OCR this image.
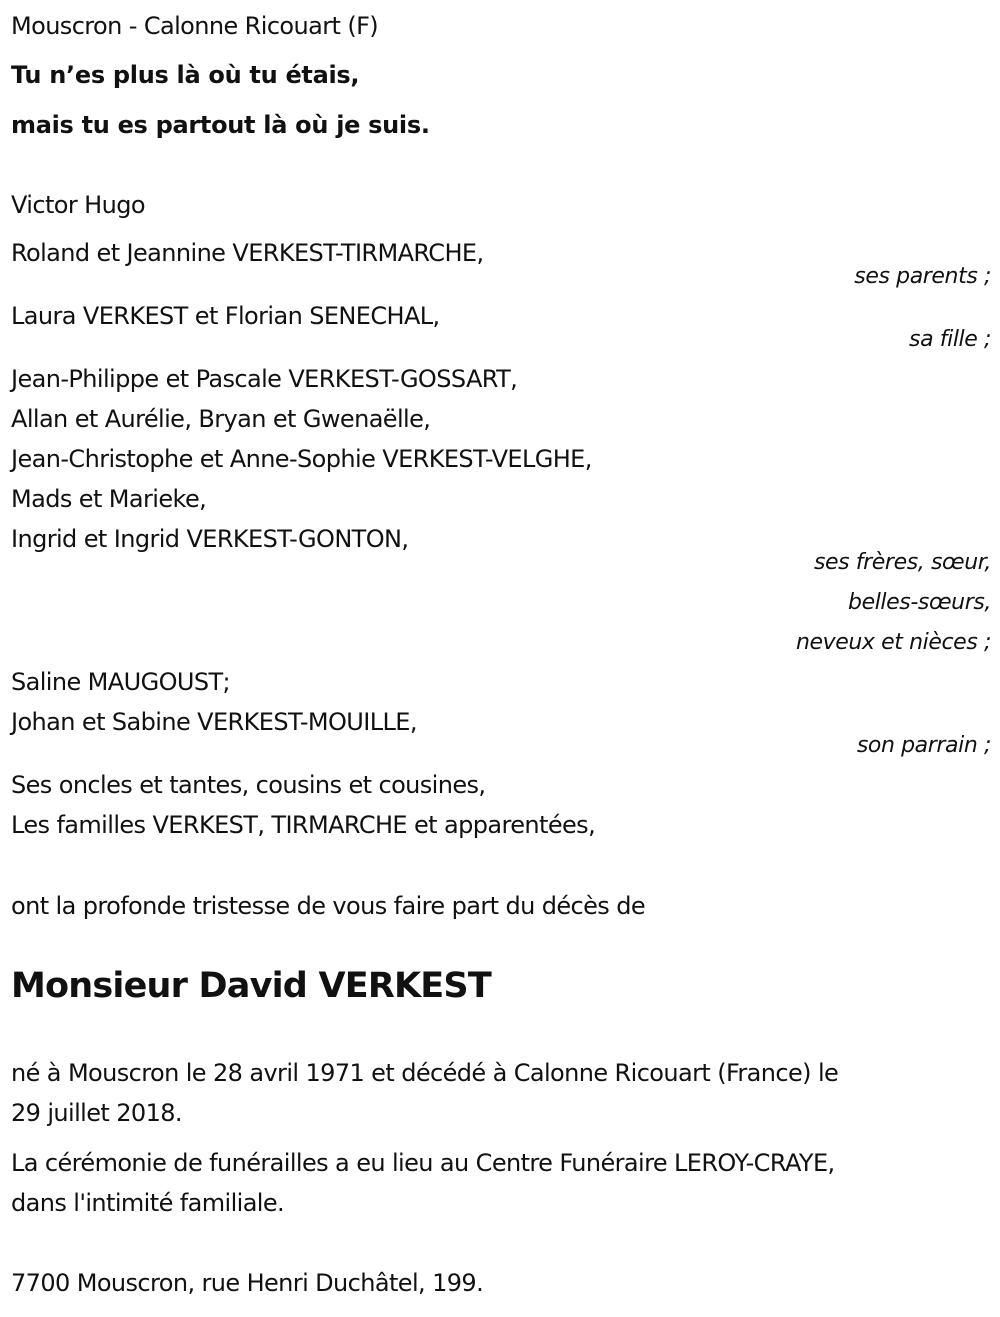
Mouscron - Calonne Ricouart (F)
Tu n’es plus là où tu étais,
mais tu es partout là où je suis.
Victor Hugo
Roland et Jeannine VERKEST-TIRMARCHE,
ses parents ;
Laura VERKEST et Florian SENECHAL,
sa fille ;
Jean-Philippe et Pascale VERKEST-GOSSART,
Allan et Aurélie, Bryan et Gwenaëlle,
Jean-Christophe et Anne-Sophie VERKEST-VELGHE,
Mads et Marieke,
Ingrid et Ingrid VERKEST-GONTON,
ses frères, sœur,
belles-sœurs,
neveux et nièces ;
Saline MAUGOUST;
Johan et Sabine VERKEST-MOUILLE,
son parrain ;
Ses oncles et tantes, cousins et cousines,
Les familles VERKEST, TIRMARCHE et apparentées,
ont la profonde tristesse de vous faire part du décès de
Monsieur David VERKEST
né à Mouscron le 28 avril 1971 et décédé à Calonne Ricouart (France) le
29 juillet 2018.
La cérémonie de funérailles a eu lieu au Centre Funéraire LEROY-CRAYE,
dans l'intimité familiale.
7700 Mouscron, rue Henri Duchâtel, 199.
